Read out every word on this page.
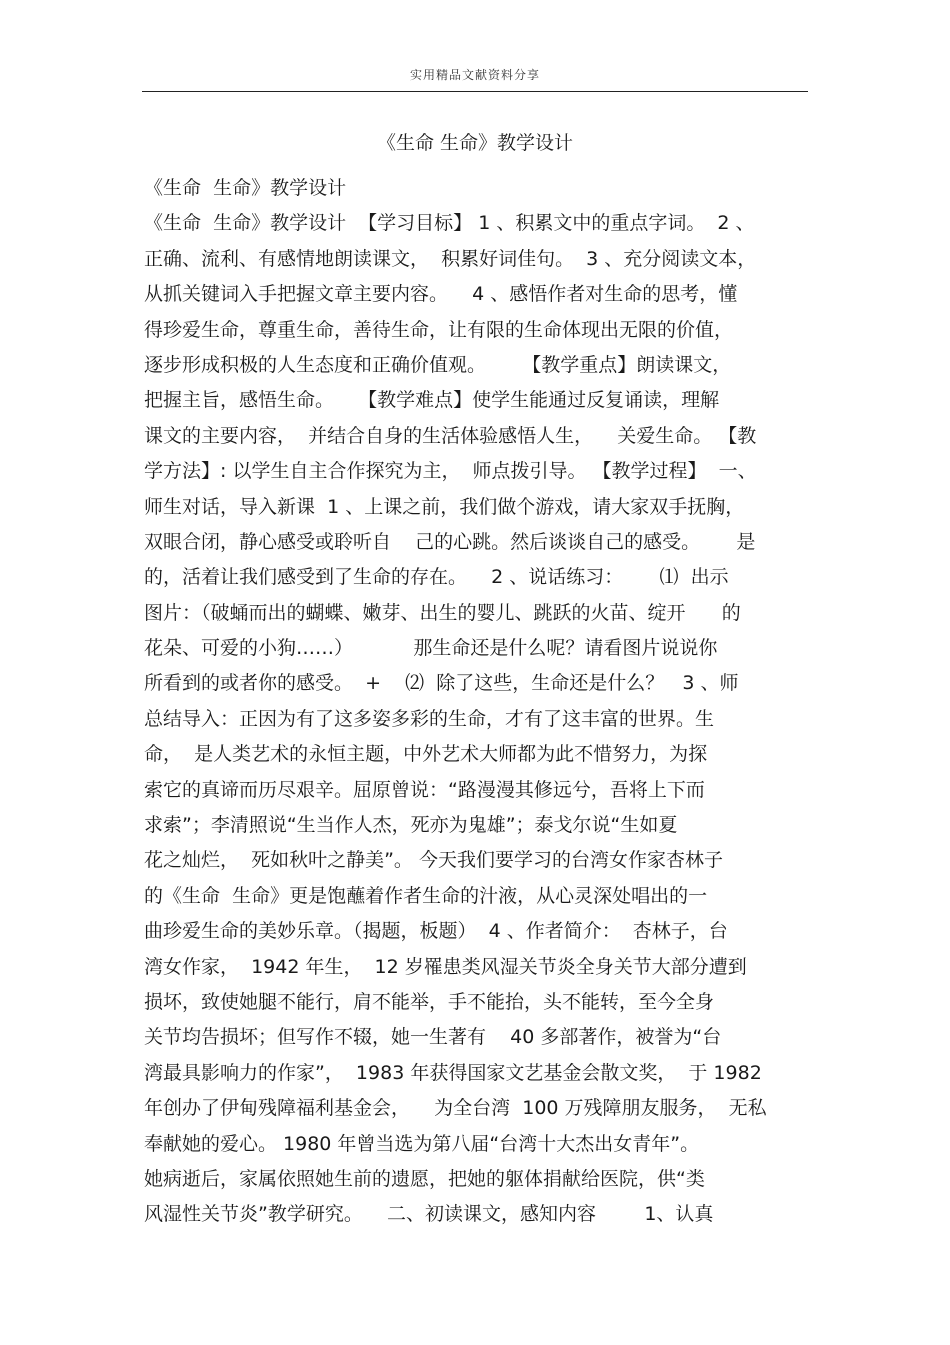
实用精品文献资料分享
《生命 生命》教学设计
《生命  生命》教学设计
《生命  生命》教学设计  【学习目标】 1 、积累文中的重点字词。  2 、
正确、流利、有感情地朗读课文，  积累好词佳句。  3 、充分阅读文本，
从抓关键词入手把握文章主要内容。    4 、感悟作者对生命的思考，懂
得珍爱生命，尊重生命，善待生命，让有限的生命体现出无限的价值，
逐步形成积极的人生态度和正确价值观。      【教学重点】朗读课文，
把握主旨，感悟生命。    【教学难点】使学生能通过反复诵读，理解
课文的主要内容，  并结合自身的生活体验感悟人生，    关爱生命。 【教
学方法】: 以学生自主合作探究为主，  师点拨引导。 【教学过程】  一、
师生对话，导入新课  1 、上课之前，我们做个游戏，请大家双手抚胸，
双眼合闭，静心感受或聆听自    己的心跳。然后谈谈自己的感受。      是
的，活着让我们感受到了生命的存在。    2 、说话练习：      ⑴  出示
图片：（破蛹而出的蝴蝶、嫩芽、出生的婴儿、跳跃的火苗、绽开      的
花朵、可爱的小狗……）          那生命还是什么呢？请看图片说说你
所看到的或者你的感受。  +    ⑵  除了这些，生命还是什么？   3 、师
总结导入：正因为有了这多姿多彩的生命，才有了这丰富的世界。生
命，  是人类艺术的永恒主题，中外艺术大师都为此不惜努力，为探
索它的真谛而历尽艰辛。屈原曾说：“路漫漫其修远兮，吾将上下而
求索”；李清照说“生当作人杰，死亦为鬼雄”；泰戈尔说“生如夏
花之灿烂，  死如秋叶之静美”。 今天我们要学习的台湾女作家杏林子
的《生命  生命》更是饱蘸着作者生命的汁液，从心灵深处唱出的一
曲珍爱生命的美妙乐章。（揭题，板题）  4 、作者简介：  杏林子，台
湾女作家，  1942 年生，  12 岁罹患类风湿关节炎全身关节大部分遭到
损坏，致使她腿不能行，肩不能举，手不能抬，头不能转，至今全身
关节均告损坏；但写作不辍，她一生著有    40 多部著作，被誉为“台
湾最具影响力的作家”，  1983 年获得国家文艺基金会散文奖，  于 1982
年创办了伊甸残障福利基金会，    为全台湾  100 万残障朋友服务，  无私
奉献她的爱心。 1980 年曾当选为第八届“台湾十大杰出女青年”。
她病逝后，家属依照她生前的遗愿，把她的躯体捐献给医院，供“类
风湿性关节炎”教学研究。    二、初读课文，感知内容        1、认真
